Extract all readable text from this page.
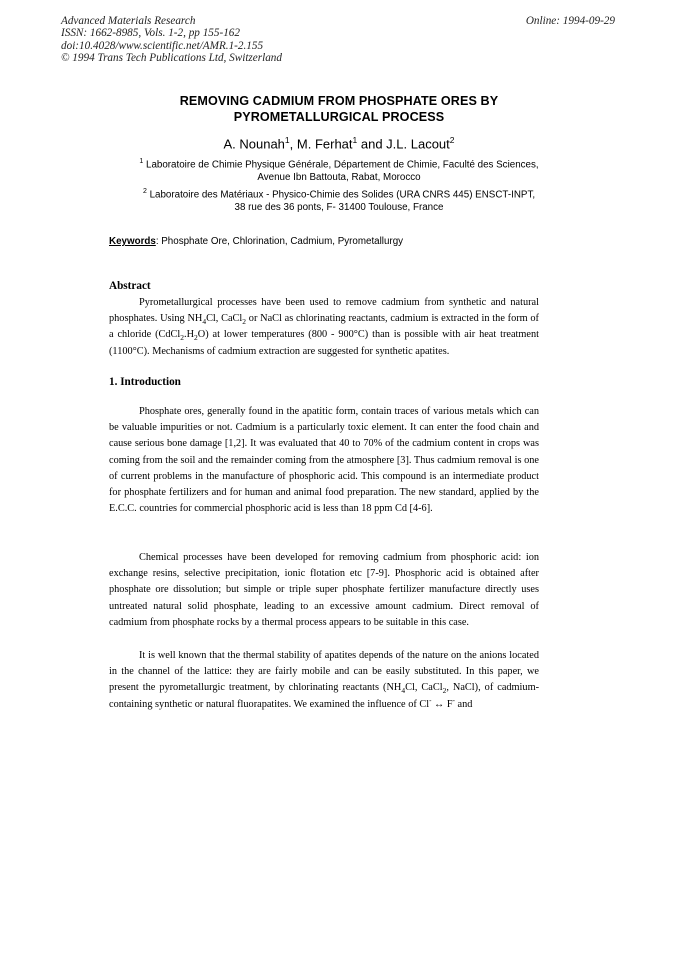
Advanced Materials Research
ISSN: 1662-8985, Vols. 1-2, pp 155-162
doi:10.4028/www.scientific.net/AMR.1-2.155
© 1994 Trans Tech Publications Ltd, Switzerland
Online: 1994-09-29
REMOVING CADMIUM FROM PHOSPHATE ORES BY
PYROMETALLURGICAL PROCESS
A. Nounah$^1$, M. Ferhat$^1$ and J.L. Lacout$^2$
$^1$ Laboratoire de Chimie Physique Générale, Département de Chimie, Faculté des Sciences,
Avenue Ibn Battouta, Rabat, Morocco
$^2$ Laboratoire des Matériaux - Physico-Chimie des Solides (URA CNRS 445) ENSCT-INPT,
38 rue des 36 ponts, F- 31400 Toulouse, France
Keywords: Phosphate Ore, Chlorination, Cadmium, Pyrometallurgy
Abstract
Pyrometallurgical processes have been used to remove cadmium from synthetic and natural phosphates. Using $NH_4Cl$, CaCl$_2$ or NaCl as chlorinating reactants, cadmium is extracted in the form of a chloride $(CdCl_2.H_2O)$ at lower temperatures (800 - 900°C) than is possible with air heat treatment (1100°C). Mechanisms of cadmium extraction are suggested for synthetic apatites.
1. Introduction
Phosphate ores, generally found in the apatitic form, contain traces of various metals which can be valuable impurities or not. Cadmium is a particularly toxic element. It can enter the food chain and cause serious bone damage [1,2]. It was evaluated that 40 to 70% of the cadmium content in crops was coming from the soil and the remainder coming from the atmosphere [3]. Thus cadmium removal is one of current problems in the manufacture of phosphoric acid. This compound is an intermediate product for phosphate fertilizers and for human and animal food preparation. The new standard, applied by the E.C.C. countries for commercial phosphoric acid is less than 18 ppm Cd [4-6].
Chemical processes have been developed for removing cadmium from phosphoric acid: ion exchange resins, selective precipitation, ionic flotation etc [7-9]. Phosphoric acid is obtained after phosphate ore dissolution; but simple or triple super phosphate fertilizer manufacture directly uses untreated natural solid phosphate, leading to an excessive amount cadmium. Direct removal of cadmium from phosphate rocks by a thermal process appears to be suitable in this case.
It is well known that the thermal stability of apatites depends of the nature on the anions located in the channel of the lattice: they are fairly mobile and can be easily substituted. In this paper, we present the pyrometallurgic treatment, by chlorinating reactants ($NH_4Cl$, CaCl$_2$, NaCl), of cadmium-containing synthetic or natural fluorapatites. We examined the influence of Cl- ↔ F- and
